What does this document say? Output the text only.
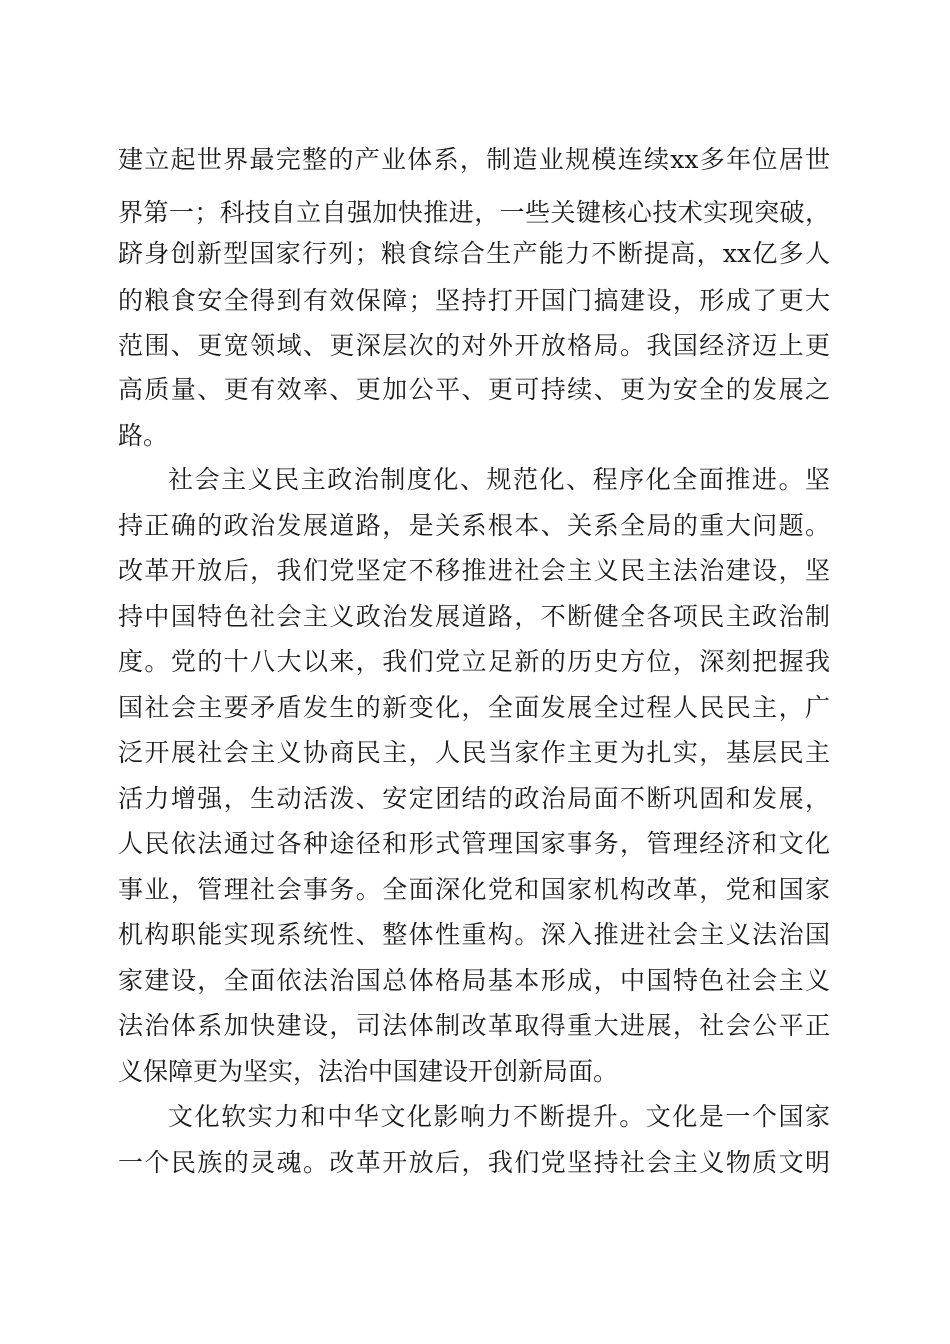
建立起世界最完整的产业体系，制造业规模连续xx多年位居世
界第一；科技自立自强加快推进，一些关键核心技术实现突破，
跻身创新型国家行列；粮食综合生产能力不断提高，xx亿多人
的粮食安全得到有效保障；坚持打开国门搞建设，形成了更大
范围、更宽领域、更深层次的对外开放格局。我国经济迈上更
高质量、更有效率、更加公平、更可持续、更为安全的发展之
路。
社会主义民主政治制度化、规范化、程序化全面推进。坚
持正确的政治发展道路，是关系根本、关系全局的重大问题。
改革开放后，我们党坚定不移推进社会主义民主法治建设，坚
持中国特色社会主义政治发展道路，不断健全各项民主政治制
度。党的十八大以来，我们党立足新的历史方位，深刻把握我
国社会主要矛盾发生的新变化，全面发展全过程人民民主，广
泛开展社会主义协商民主，人民当家作主更为扎实，基层民主
活力增强，生动活泼、安定团结的政治局面不断巩固和发展，
人民依法通过各种途径和形式管理国家事务，管理经济和文化
事业，管理社会事务。全面深化党和国家机构改革，党和国家
机构职能实现系统性、整体性重构。深入推进社会主义法治国
家建设，全面依法治国总体格局基本形成，中国特色社会主义
法治体系加快建设，司法体制改革取得重大进展，社会公平正
义保障更为坚实，法治中国建设开创新局面。
文化软实力和中华文化影响力不断提升。文化是一个国家
一个民族的灵魂。改革开放后，我们党坚持社会主义物质文明
